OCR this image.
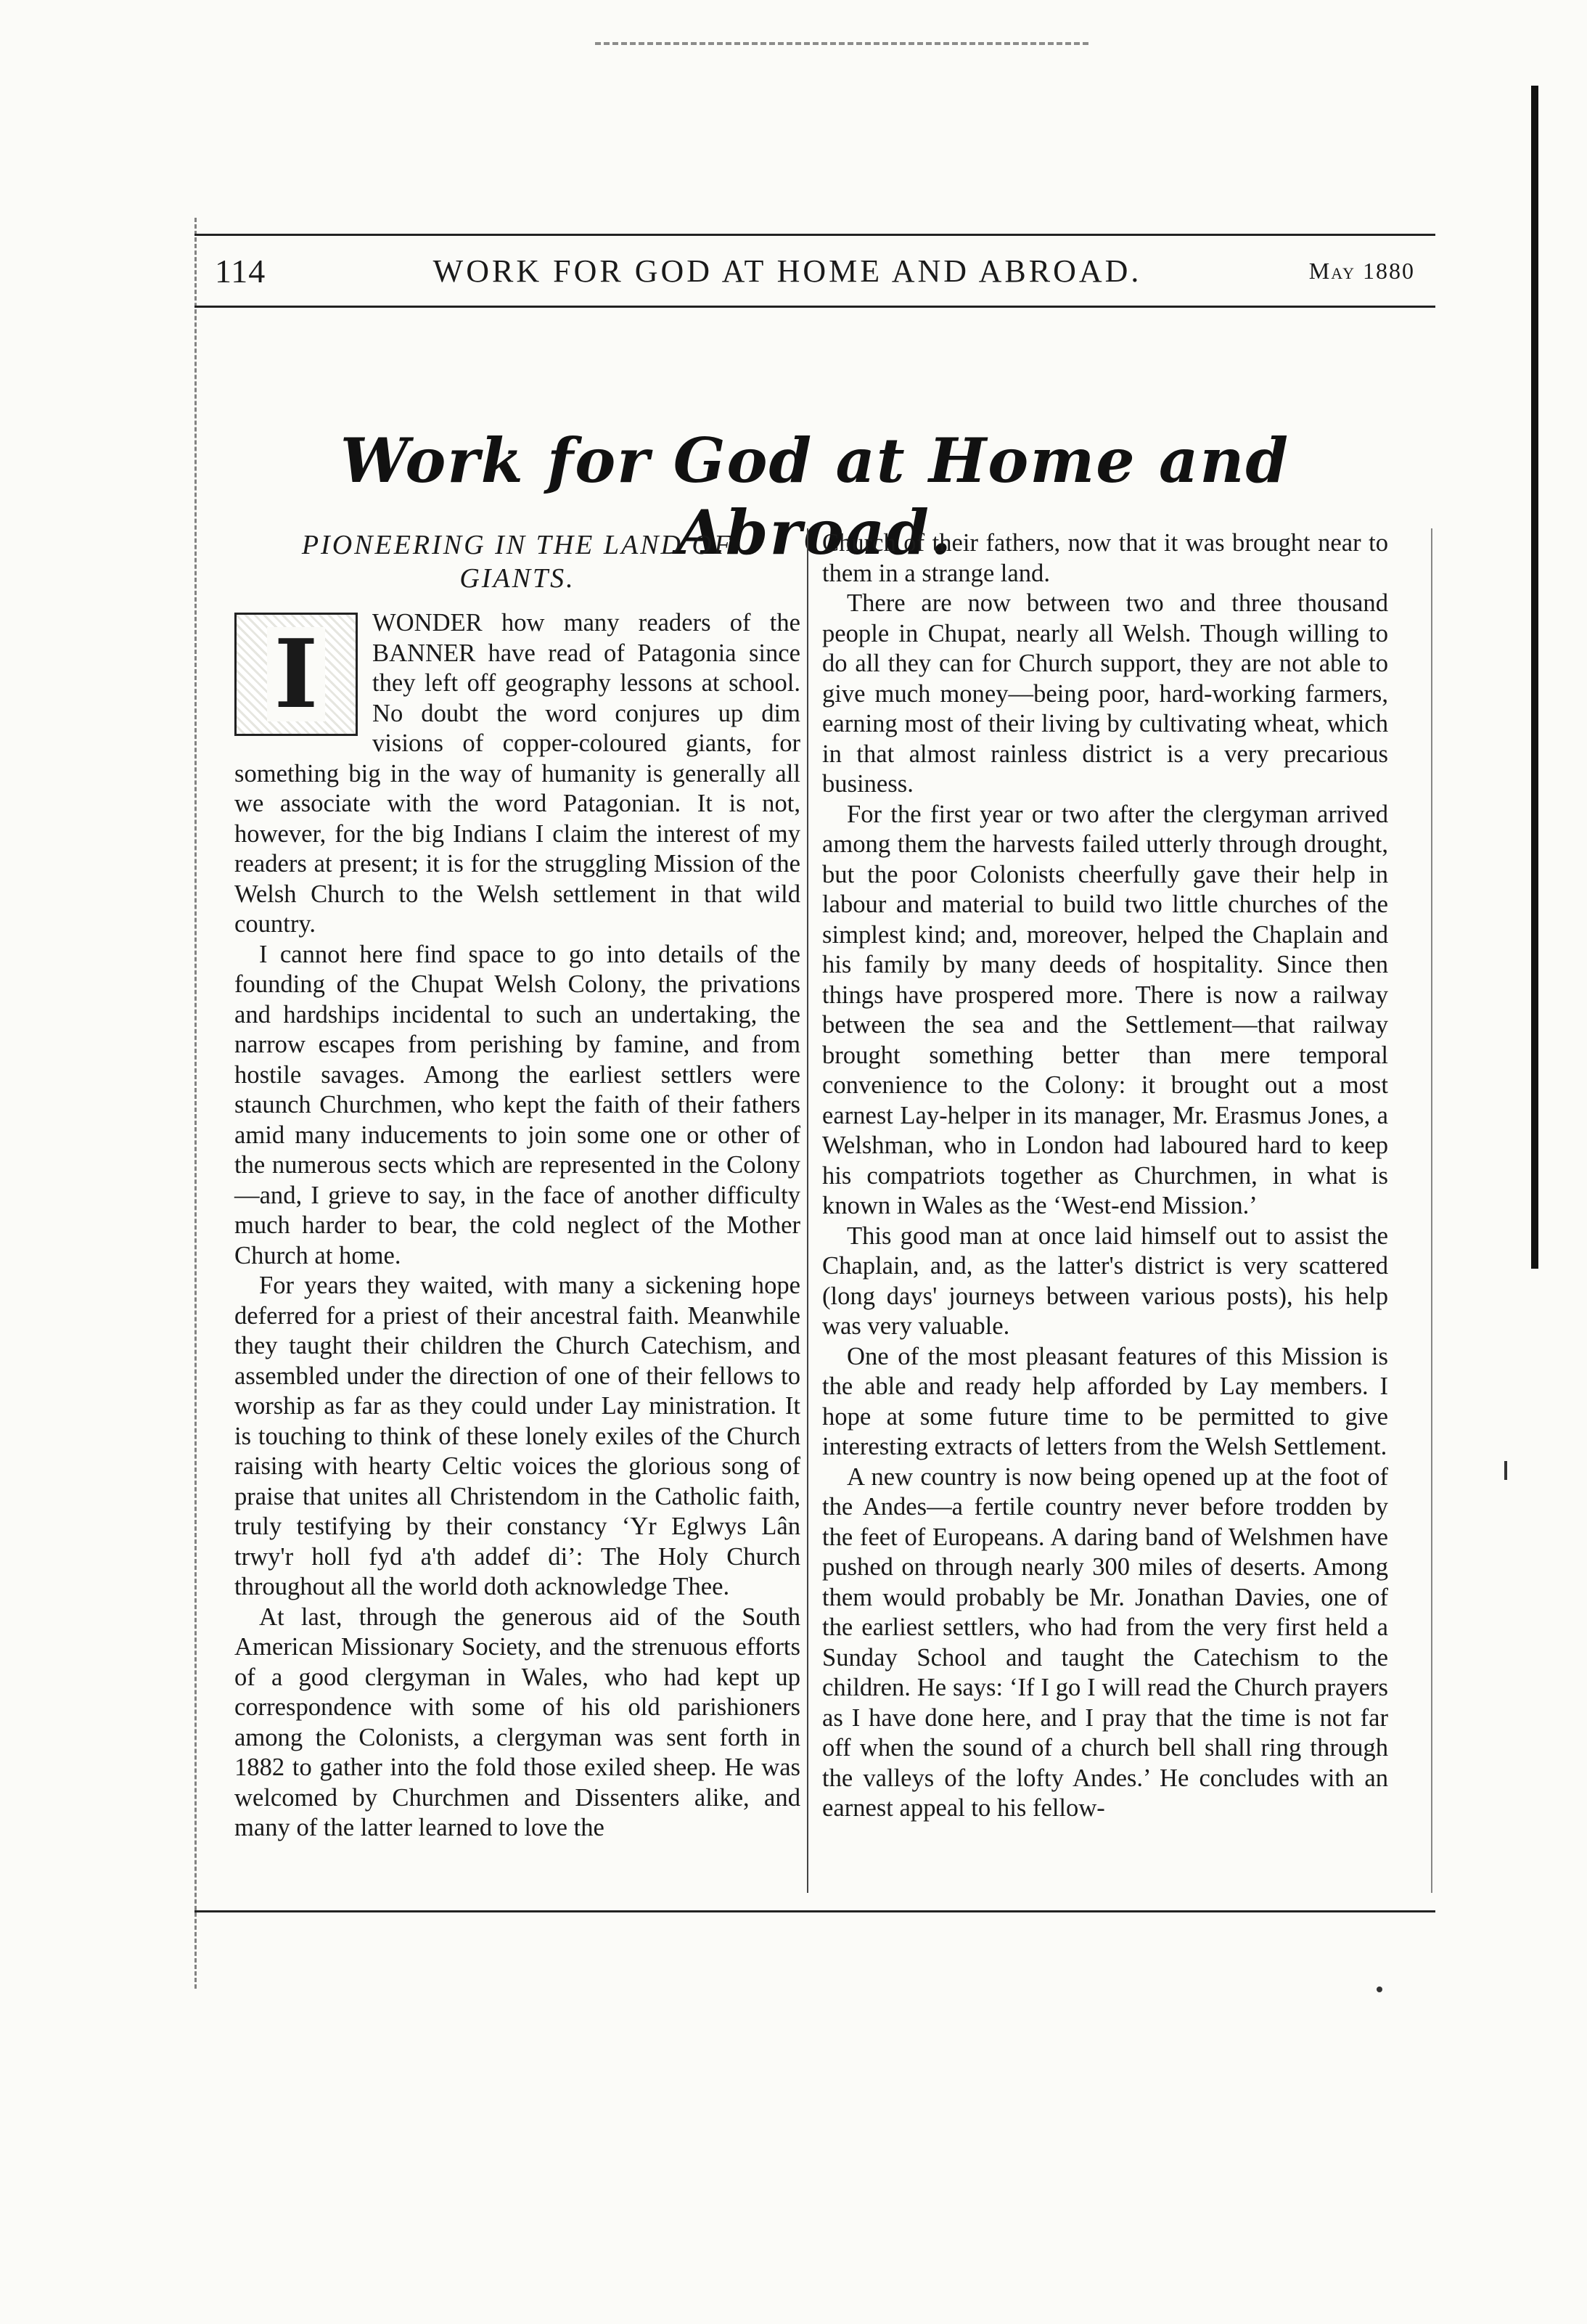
114	WORK FOR GOD AT HOME AND ABROAD.	May 1880
Work for God at Home and Abroad.
PIONEERING IN THE LAND OF GIANTS.

I WONDER how many readers of the BANNER have read of Patagonia since they left off geography lessons at school. No doubt the word conjures up dim visions of copper-coloured giants, for something big in the way of humanity is generally all we associate with the word Patagonian. It is not, however, for the big Indians I claim the interest of my readers at present; it is for the struggling Mission of the Welsh Church to the Welsh settlement in that wild country.

I cannot here find space to go into details of the founding of the Chupat Welsh Colony, the privations and hardships incidental to such an undertaking, the narrow escapes from perishing by famine, and from hostile savages. Among the earliest settlers were staunch Churchmen, who kept the faith of their fathers amid many inducements to join some one or other of the numerous sects which are represented in the Colony—and, I grieve to say, in the face of another difficulty much harder to bear, the cold neglect of the Mother Church at home.

For years they waited, with many a sickening hope deferred for a priest of their ancestral faith. Meanwhile they taught their children the Church Catechism, and assembled under the direction of one of their fellows to worship as far as they could under Lay ministration. It is touching to think of these lonely exiles of the Church raising with hearty Celtic voices the glorious song of praise that unites all Christendom in the Catholic faith, truly testifying by their constancy ‘Yr Eglwys Lân trwy'r holl fyd a'th addef di’: The Holy Church throughout all the world doth acknowledge Thee.

At last, through the generous aid of the South American Missionary Society, and the strenuous efforts of a good clergyman in Wales, who had kept up correspondence with some of his old parishioners among the Colonists, a clergyman was sent forth in 1882 to gather into the fold those exiled sheep. He was welcomed by Churchmen and Dissenters alike, and many of the latter learned to love the

Church of their fathers, now that it was brought near to them in a strange land.

There are now between two and three thousand people in Chupat, nearly all Welsh. Though willing to do all they can for Church support, they are not able to give much money—being poor, hard-working farmers, earning most of their living by cultivating wheat, which in that almost rainless district is a very precarious business.

For the first year or two after the clergyman arrived among them the harvests failed utterly through drought, but the poor Colonists cheerfully gave their help in labour and material to build two little churches of the simplest kind; and, moreover, helped the Chaplain and his family by many deeds of hospitality. Since then things have prospered more. There is now a railway between the sea and the Settlement—that railway brought something better than mere temporal convenience to the Colony: it brought out a most earnest Lay-helper in its manager, Mr. Erasmus Jones, a Welshman, who in London had laboured hard to keep his compatriots together as Churchmen, in what is known in Wales as the ‘West-end Mission.’

This good man at once laid himself out to assist the Chaplain, and, as the latter's district is very scattered (long days' journeys between various posts), his help was very valuable.

One of the most pleasant features of this Mission is the able and ready help afforded by Lay members. I hope at some future time to be permitted to give interesting extracts of letters from the Welsh Settlement.

A new country is now being opened up at the foot of the Andes—a fertile country never before trodden by the feet of Europeans. A daring band of Welshmen have pushed on through nearly 300 miles of deserts. Among them would probably be Mr. Jonathan Davies, one of the earliest settlers, who had from the very first held a Sunday School and taught the Catechism to the children. He says: ‘If I go I will read the Church prayers as I have done here, and I pray that the time is not far off when the sound of a church bell shall ring through the valleys of the lofty Andes.’ He concludes with an earnest appeal to his fellow-
